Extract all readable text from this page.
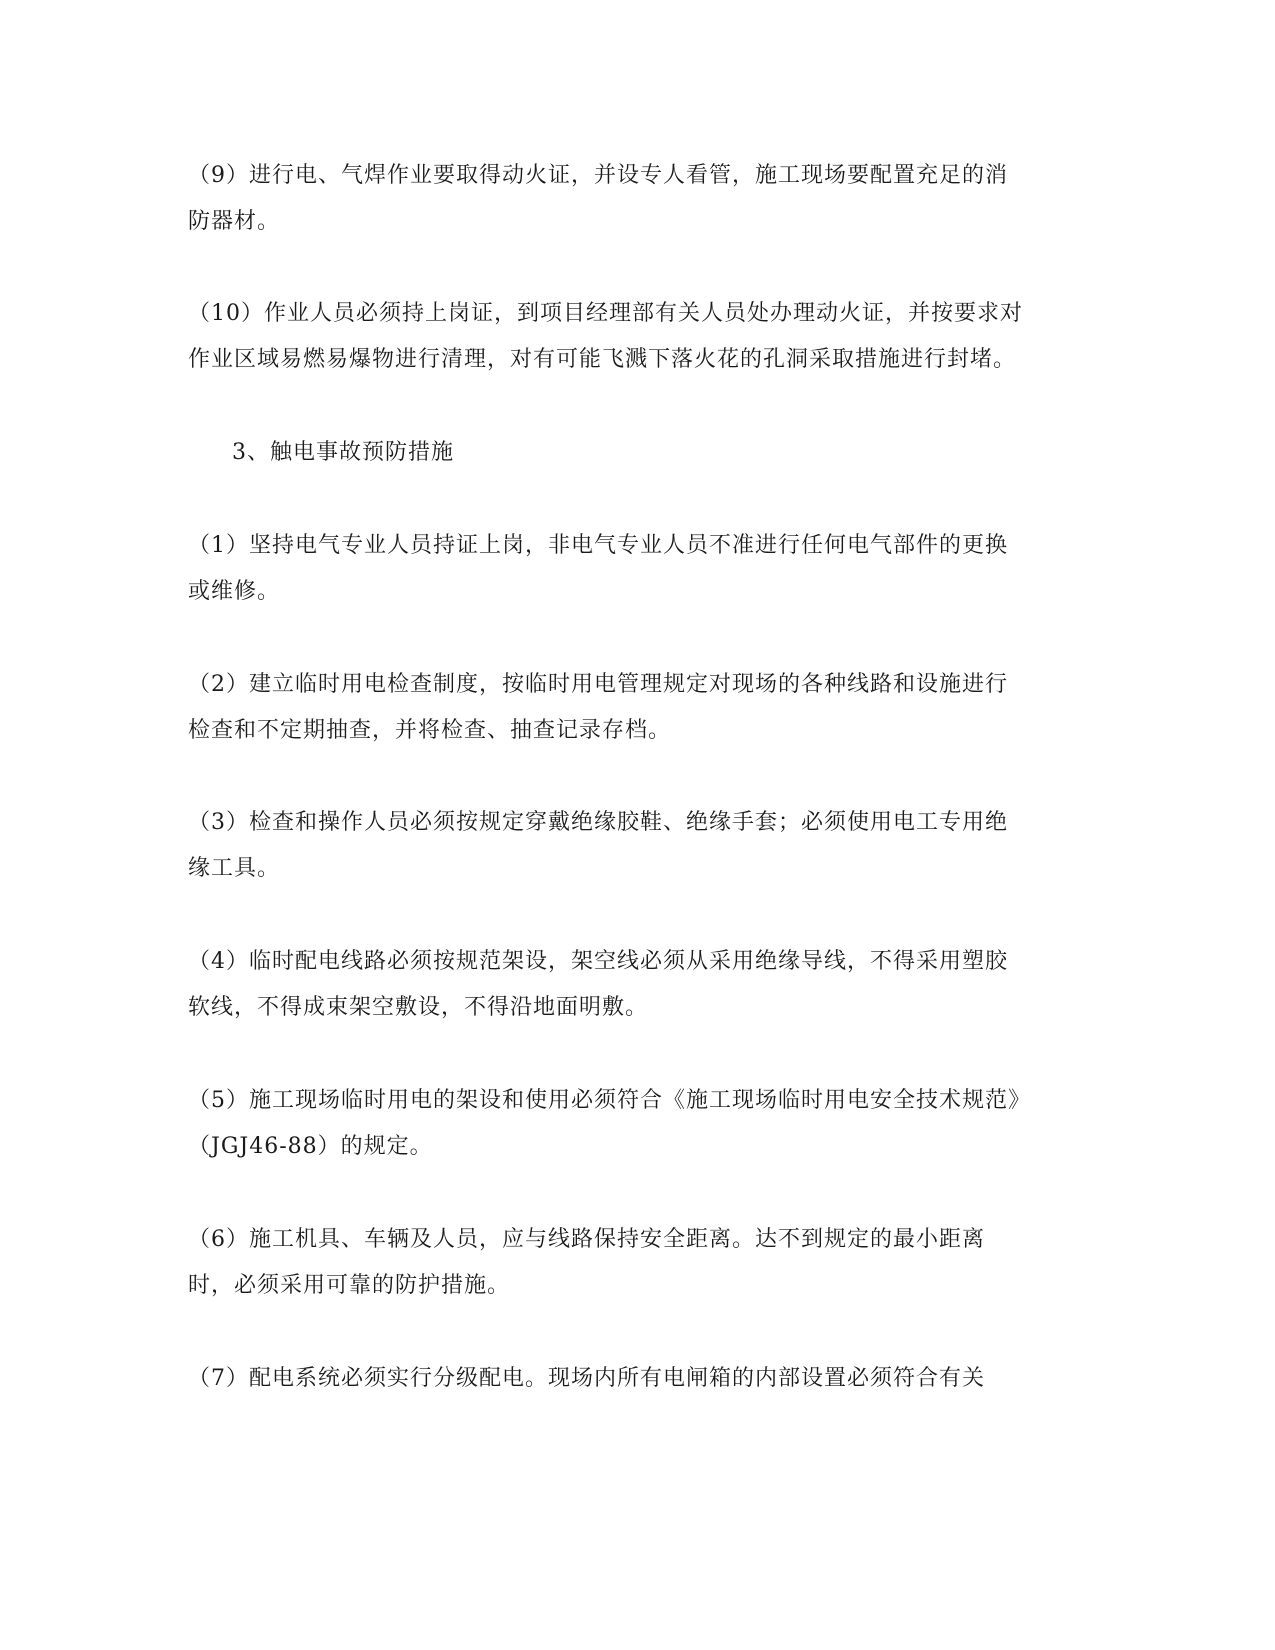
（9）进行电、气焊作业要取得动火证，并设专人看管，施工现场要配置充足的消防器材。

（10）作业人员必须持上岗证，到项目经理部有关人员处办理动火证，并按要求对作业区域易燃易爆物进行清理，对有可能飞溅下落火花的孔洞采取措施进行封堵。

3、触电事故预防措施

（1）坚持电气专业人员持证上岗，非电气专业人员不准进行任何电气部件的更换或维修。

（2）建立临时用电检查制度，按临时用电管理规定对现场的各种线路和设施进行检查和不定期抽查，并将检查、抽查记录存档。

（3）检查和操作人员必须按规定穿戴绝缘胶鞋、绝缘手套；必须使用电工专用绝缘工具。

（4）临时配电线路必须按规范架设，架空线必须从采用绝缘导线，不得采用塑胶软线，不得成束架空敷设，不得沿地面明敷。

（5）施工现场临时用电的架设和使用必须符合《施工现场临时用电安全技术规范》（JGJ46-88）的规定。

（6）施工机具、车辆及人员，应与线路保持安全距离。达不到规定的最小距离时，必须采用可靠的防护措施。

（7）配电系统必须实行分级配电。现场内所有电闸箱的内部设置必须符合有关
